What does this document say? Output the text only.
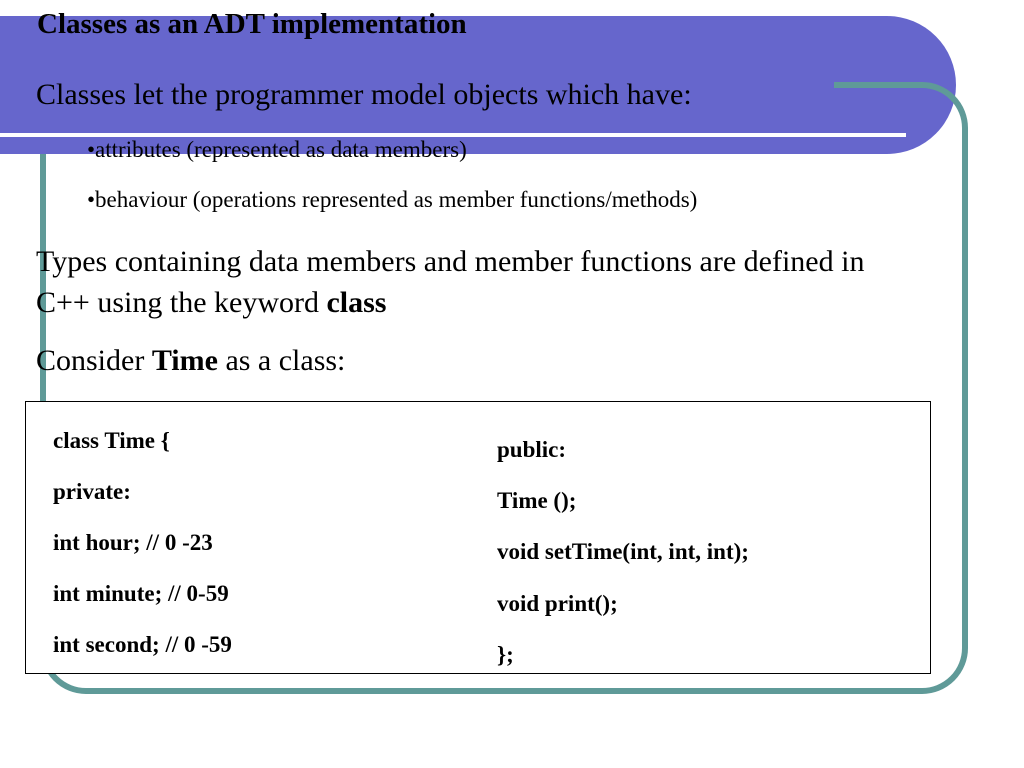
Classes as an ADT implementation
Classes let the programmer model objects which have:
•attributes (represented as data members)
•behaviour (operations represented as member functions/methods)
Types containing data members and member functions are defined in C++ using the keyword class
Consider Time as a class:
class Time {
private:
int hour; // 0 -23
int minute; // 0-59
int second; // 0 -59
public:
Time ();
void setTime(int, int, int);
void print();
};
